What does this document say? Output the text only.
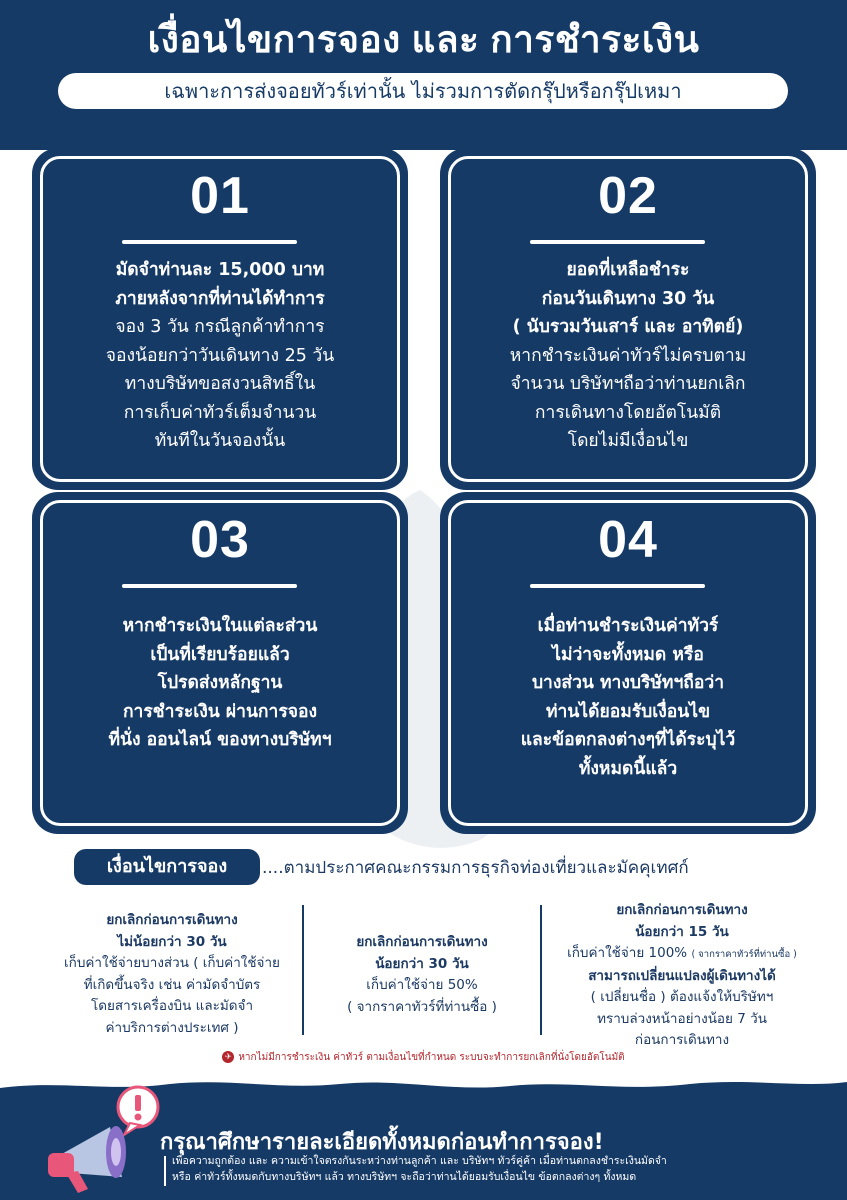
เงื่อนไขการจอง และ การชำระเงิน
เฉพาะการส่งจอยทัวร์เท่านั้น ไม่รวมการตัดกรุ๊ปหรือกรุ๊ปเหมา
01
มัดจำท่านละ 15,000 บาท
ภายหลังจากที่ท่านได้ทำการ
จอง 3 วัน กรณีลูกค้าทำการ
จองน้อยกว่าวันเดินทาง 25 วัน
ทางบริษัทขอสงวนสิทธิ์ใน
การเก็บค่าทัวร์เต็มจำนวน
ทันทีในวันจองนั้น
02
ยอดที่เหลือชำระ
ก่อนวันเดินทาง 30 วัน
( นับรวมวันเสาร์ และ อาทิตย์)
หากชำระเงินค่าทัวร์ไม่ครบตาม
จำนวน บริษัทฯถือว่าท่านยกเลิก
การเดินทางโดยอัตโนมัติ
โดยไม่มีเงื่อนไข
03
หากชำระเงินในแต่ละส่วน
เป็นที่เรียบร้อยแล้ว
โปรดส่งหลักฐาน
การชำระเงิน ผ่านการจอง
ที่นั่ง ออนไลน์ ของทางบริษัทฯ
04
เมื่อท่านชำระเงินค่าทัวร์
ไม่ว่าจะทั้งหมด หรือ
บางส่วน ทางบริษัทฯถือว่า
ท่านได้ยอมรับเงื่อนไข
และข้อตกลงต่างๆที่ได้ระบุไว้
ทั้งหมดนี้แล้ว
เงื่อนไขการจอง	....ตามประกาศคณะกรรมการธุรกิจท่องเที่ยวและมัคคุเทศก์
ยกเลิกก่อนการเดินทาง
ไม่น้อยกว่า 30 วัน
เก็บค่าใช้จ่ายบางส่วน ( เก็บค่าใช้จ่าย
ที่เกิดขึ้นจริง เช่น ค่ามัดจำบัตร
โดยสารเครื่องบิน และมัดจำ
ค่าบริการต่างประเทศ )
ยกเลิกก่อนการเดินทาง
น้อยกว่า 30 วัน
เก็บค่าใช้จ่าย 50%
( จากราคาทัวร์ที่ท่านซื้อ )
ยกเลิกก่อนการเดินทาง
น้อยกว่า 15 วัน
เก็บค่าใช้จ่าย 100% ( จากราคาทัวร์ที่ท่านซื้อ )
สามารถเปลี่ยนแปลงผู้เดินทางได้
( เปลี่ยนชื่อ ) ต้องแจ้งให้บริษัทฯ
ทราบล่วงหน้าอย่างน้อย 7 วัน
ก่อนการเดินทาง
✈ หากไม่มีการชำระเงิน ค่าทัวร์ ตามเงื่อนไขที่กำหนด ระบบจะทำการยกเลิกที่นั่งโดยอัตโนมัติ
กรุณาศึกษารายละเอียดทั้งหมดก่อนทำการจอง!
เพื่อความถูกต้อง และ ความเข้าใจตรงกันระหว่างท่านลูกค้า และ บริษัทฯ ทัวร์คู่ค้า เมื่อท่านตกลงชำระเงินมัดจำ
หรือ ค่าทัวร์ทั้งหมดกับทางบริษัทฯ แล้ว ทางบริษัทฯ จะถือว่าท่านได้ยอมรับเงื่อนไข ข้อตกลงต่างๆ ทั้งหมด
